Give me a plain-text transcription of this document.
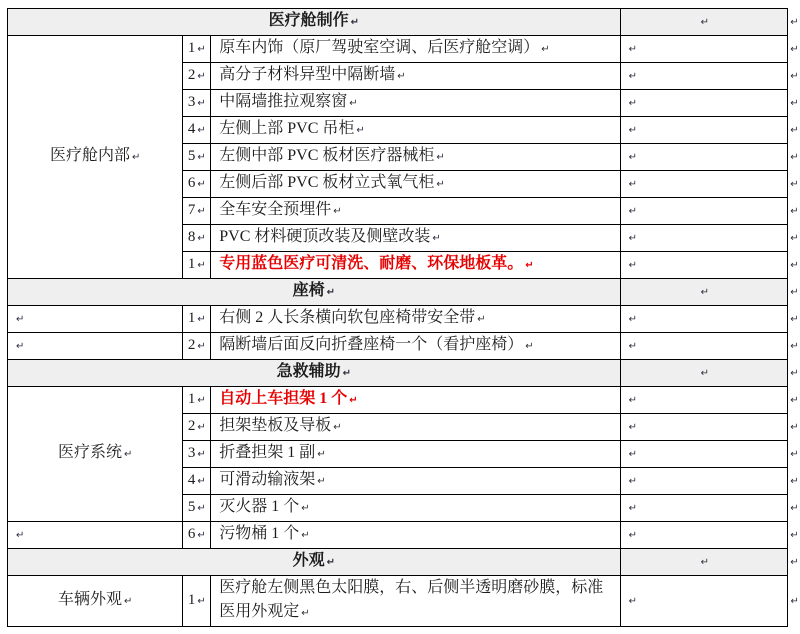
医疗舱制作 ↵			↵	↵
医疗舱内部 ↵	1 ↵	原车内饰（原厂驾驶室空调、后医疗舱空调） ↵	↵	↵
	2 ↵	高分子材料异型中隔断墙 ↵	↵	↵
	3 ↵	中隔墙推拉观察窗 ↵	↵	↵
	4 ↵	左侧上部 PVC 吊柜 ↵	↵	↵
	5 ↵	左侧中部 PVC 板材医疗器械柜 ↵	↵	↵
	6 ↵	左侧后部 PVC 板材立式氧气柜 ↵	↵	↵
	7 ↵	全车安全预埋件 ↵	↵	↵
	8 ↵	PVC 材料硬顶改装及侧壁改装 ↵	↵	↵
	1 ↵	专用蓝色医疗可清洗、耐磨、环保地板革。 ↵	↵	↵
座椅 ↵			↵	↵
↵	1 ↵	右侧 2 人长条横向软包座椅带安全带 ↵	↵	↵
↵	2 ↵	隔断墙后面反向折叠座椅一个（看护座椅） ↵	↵	↵
急救辅助 ↵			↵	↵
医疗系统 ↵	1 ↵	自动上车担架 1 个 ↵	↵	↵
	2 ↵	担架垫板及导板 ↵	↵	↵
	3 ↵	折叠担架 1 副 ↵	↵	↵
	4 ↵	可滑动输液架 ↵	↵	↵
	5 ↵	灭火器 1 个 ↵	↵	↵
↵	6 ↵	污物桶 1 个 ↵	↵	↵
外观 ↵			↵	↵
车辆外观 ↵	1 ↵	医疗舱左侧黑色太阳膜，右、后侧半透明磨砂膜，标准医用外观定 ↵	↵	↵
